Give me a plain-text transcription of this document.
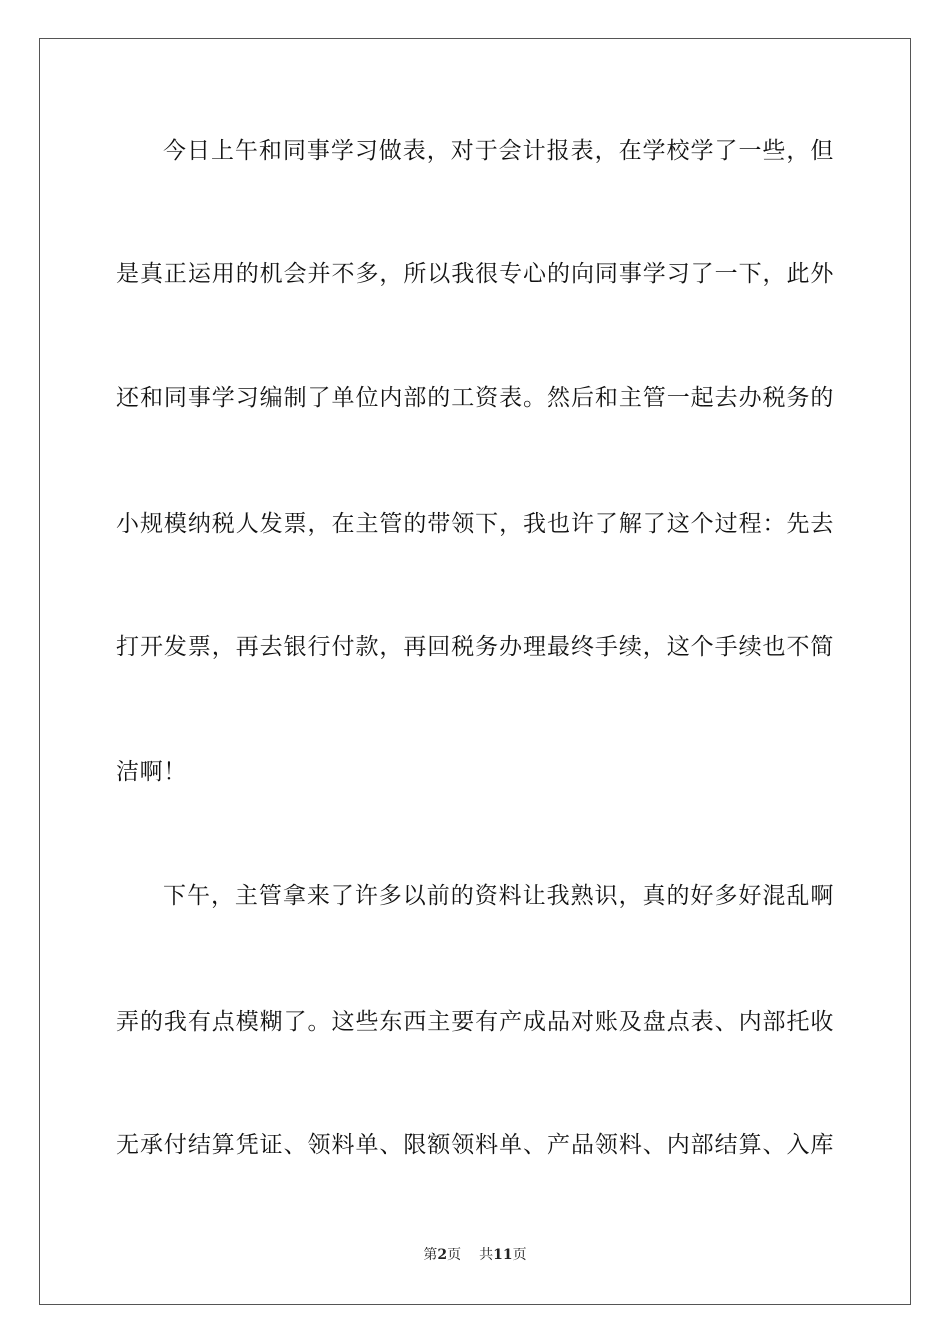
今日上午和同事学习做表，对于会计报表，在学校学了一些，但
是真正运用的机会并不多，所以我很专心的向同事学习了一下，此外
还和同事学习编制了单位内部的工资表。然后和主管一起去办税务的
小规模纳税人发票，在主管的带领下，我也许了解了这个过程：先去
打开发票，再去银行付款，再回税务办理最终手续，这个手续也不简
洁啊！
下午，主管拿来了许多以前的资料让我熟识，真的好多好混乱啊
弄的我有点模糊了。这些东西主要有产成品对账及盘点表、内部托收
无承付结算凭证、领料单、限额领料单、产品领料、内部结算、入库
第2页 共11页
